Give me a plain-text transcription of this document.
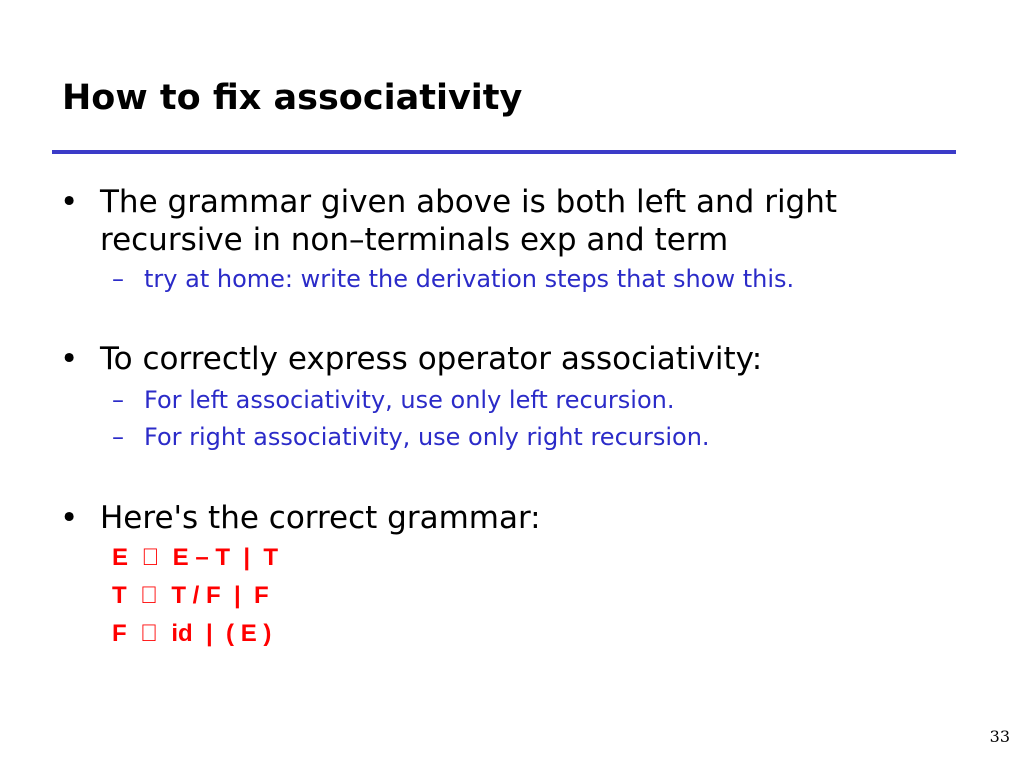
How to fix associativity
• The grammar given above is both left and right
recursive in non–terminals exp and term
– try at home: write the derivation steps that show this.
• To correctly express operator associativity:
– For left associativity, use only left recursion.
– For right associativity, use only right recursion.
• Here's the correct grammar:
E     E – T  |  T
T     T / F  |  F
F     id  |  ( E )
33
